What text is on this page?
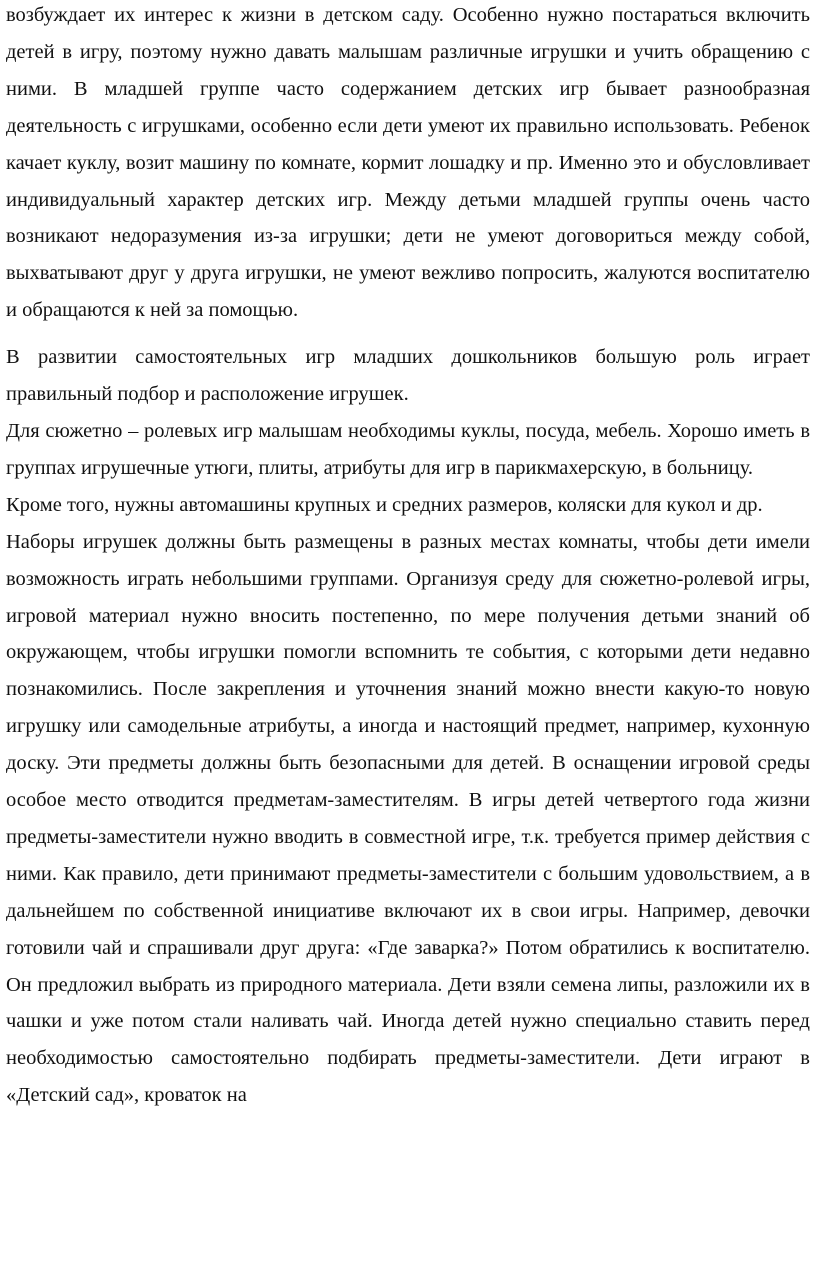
возбуждает их интерес к жизни в детском саду. Особенно нужно постараться включить детей в игру, поэтому нужно давать малышам различные игрушки и учить обращению с ними. В младшей группе часто содержанием детских игр бывает разнообразная деятельность с игрушками, особенно если дети умеют их правильно использовать. Ребенок качает куклу, возит машину по комнате, кормит лошадку и пр. Именно это и обусловливает индивидуальный характер детских игр. Между детьми младшей группы очень часто возникают недоразумения из-за игрушки; дети не умеют договориться между собой, выхватывают друг у друга игрушки, не умеют вежливо попросить, жалуются воспитателю и обращаются к ней за помощью.

В развитии самостоятельных игр младших дошкольников большую роль играет правильный подбор и расположение игрушек.

Для сюжетно – ролевых игр малышам необходимы куклы, посуда, мебель. Хорошо иметь в группах игрушечные утюги, плиты, атрибуты для игр в парикмахерскую, в больницу.

Кроме того, нужны автомашины крупных и средних размеров, коляски для кукол и др.

Наборы игрушек должны быть размещены в разных местах комнаты, чтобы дети имели возможность играть небольшими группами. Организуя среду для сюжетно-ролевой игры, игровой материал нужно вносить постепенно, по мере получения детьми знаний об окружающем, чтобы игрушки помогли вспомнить те события, с которыми дети недавно познакомились. После закрепления и уточнения знаний можно внести какую-то новую игрушку или самодельные атрибуты, а иногда и настоящий предмет, например, кухонную доску. Эти предметы должны быть безопасными для детей. В оснащении игровой среды особое место отводится предметам-заместителям. В игры детей четвертого года жизни предметы-заместители нужно вводить в совместной игре, т.к. требуется пример действия с ними. Как правило, дети принимают предметы-заместители с большим удовольствием, а в дальнейшем по собственной инициативе включают их в свои игры. Например, девочки готовили чай и спрашивали друг друга: «Где заварка?» Потом обратились к воспитателю. Он предложил выбрать из природного материала. Дети взяли семена липы, разложили их в чашки и уже потом стали наливать чай. Иногда детей нужно специально ставить перед необходимостью самостоятельно подбирать предметы-заместители. Дети играют в «Детский сад», кроваток на
